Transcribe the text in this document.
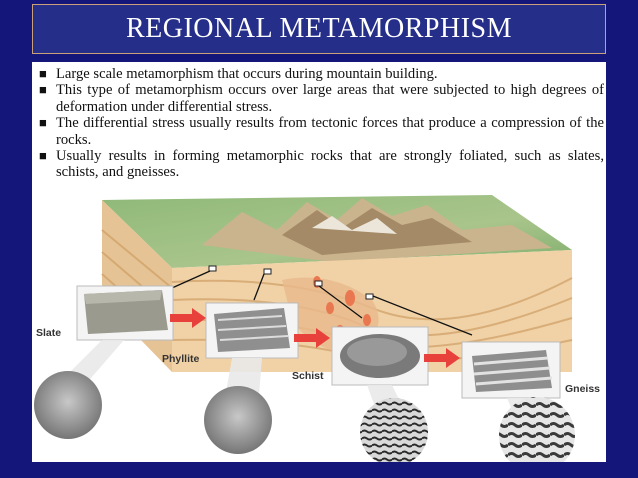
REGIONAL METAMORPHISM
■ Large scale metamorphism that occurs during mountain building.
■ This type of metamorphism occurs over large areas that were subjected to high degrees of deformation under differential stress.
■ The differential stress usually results from tectonic forces that produce a compression of the rocks.
■ Usually results in forming metamorphic rocks that are strongly foliated, such as slates, schists, and gneisses.
Slate
Phyllite
Schist
Gneiss
